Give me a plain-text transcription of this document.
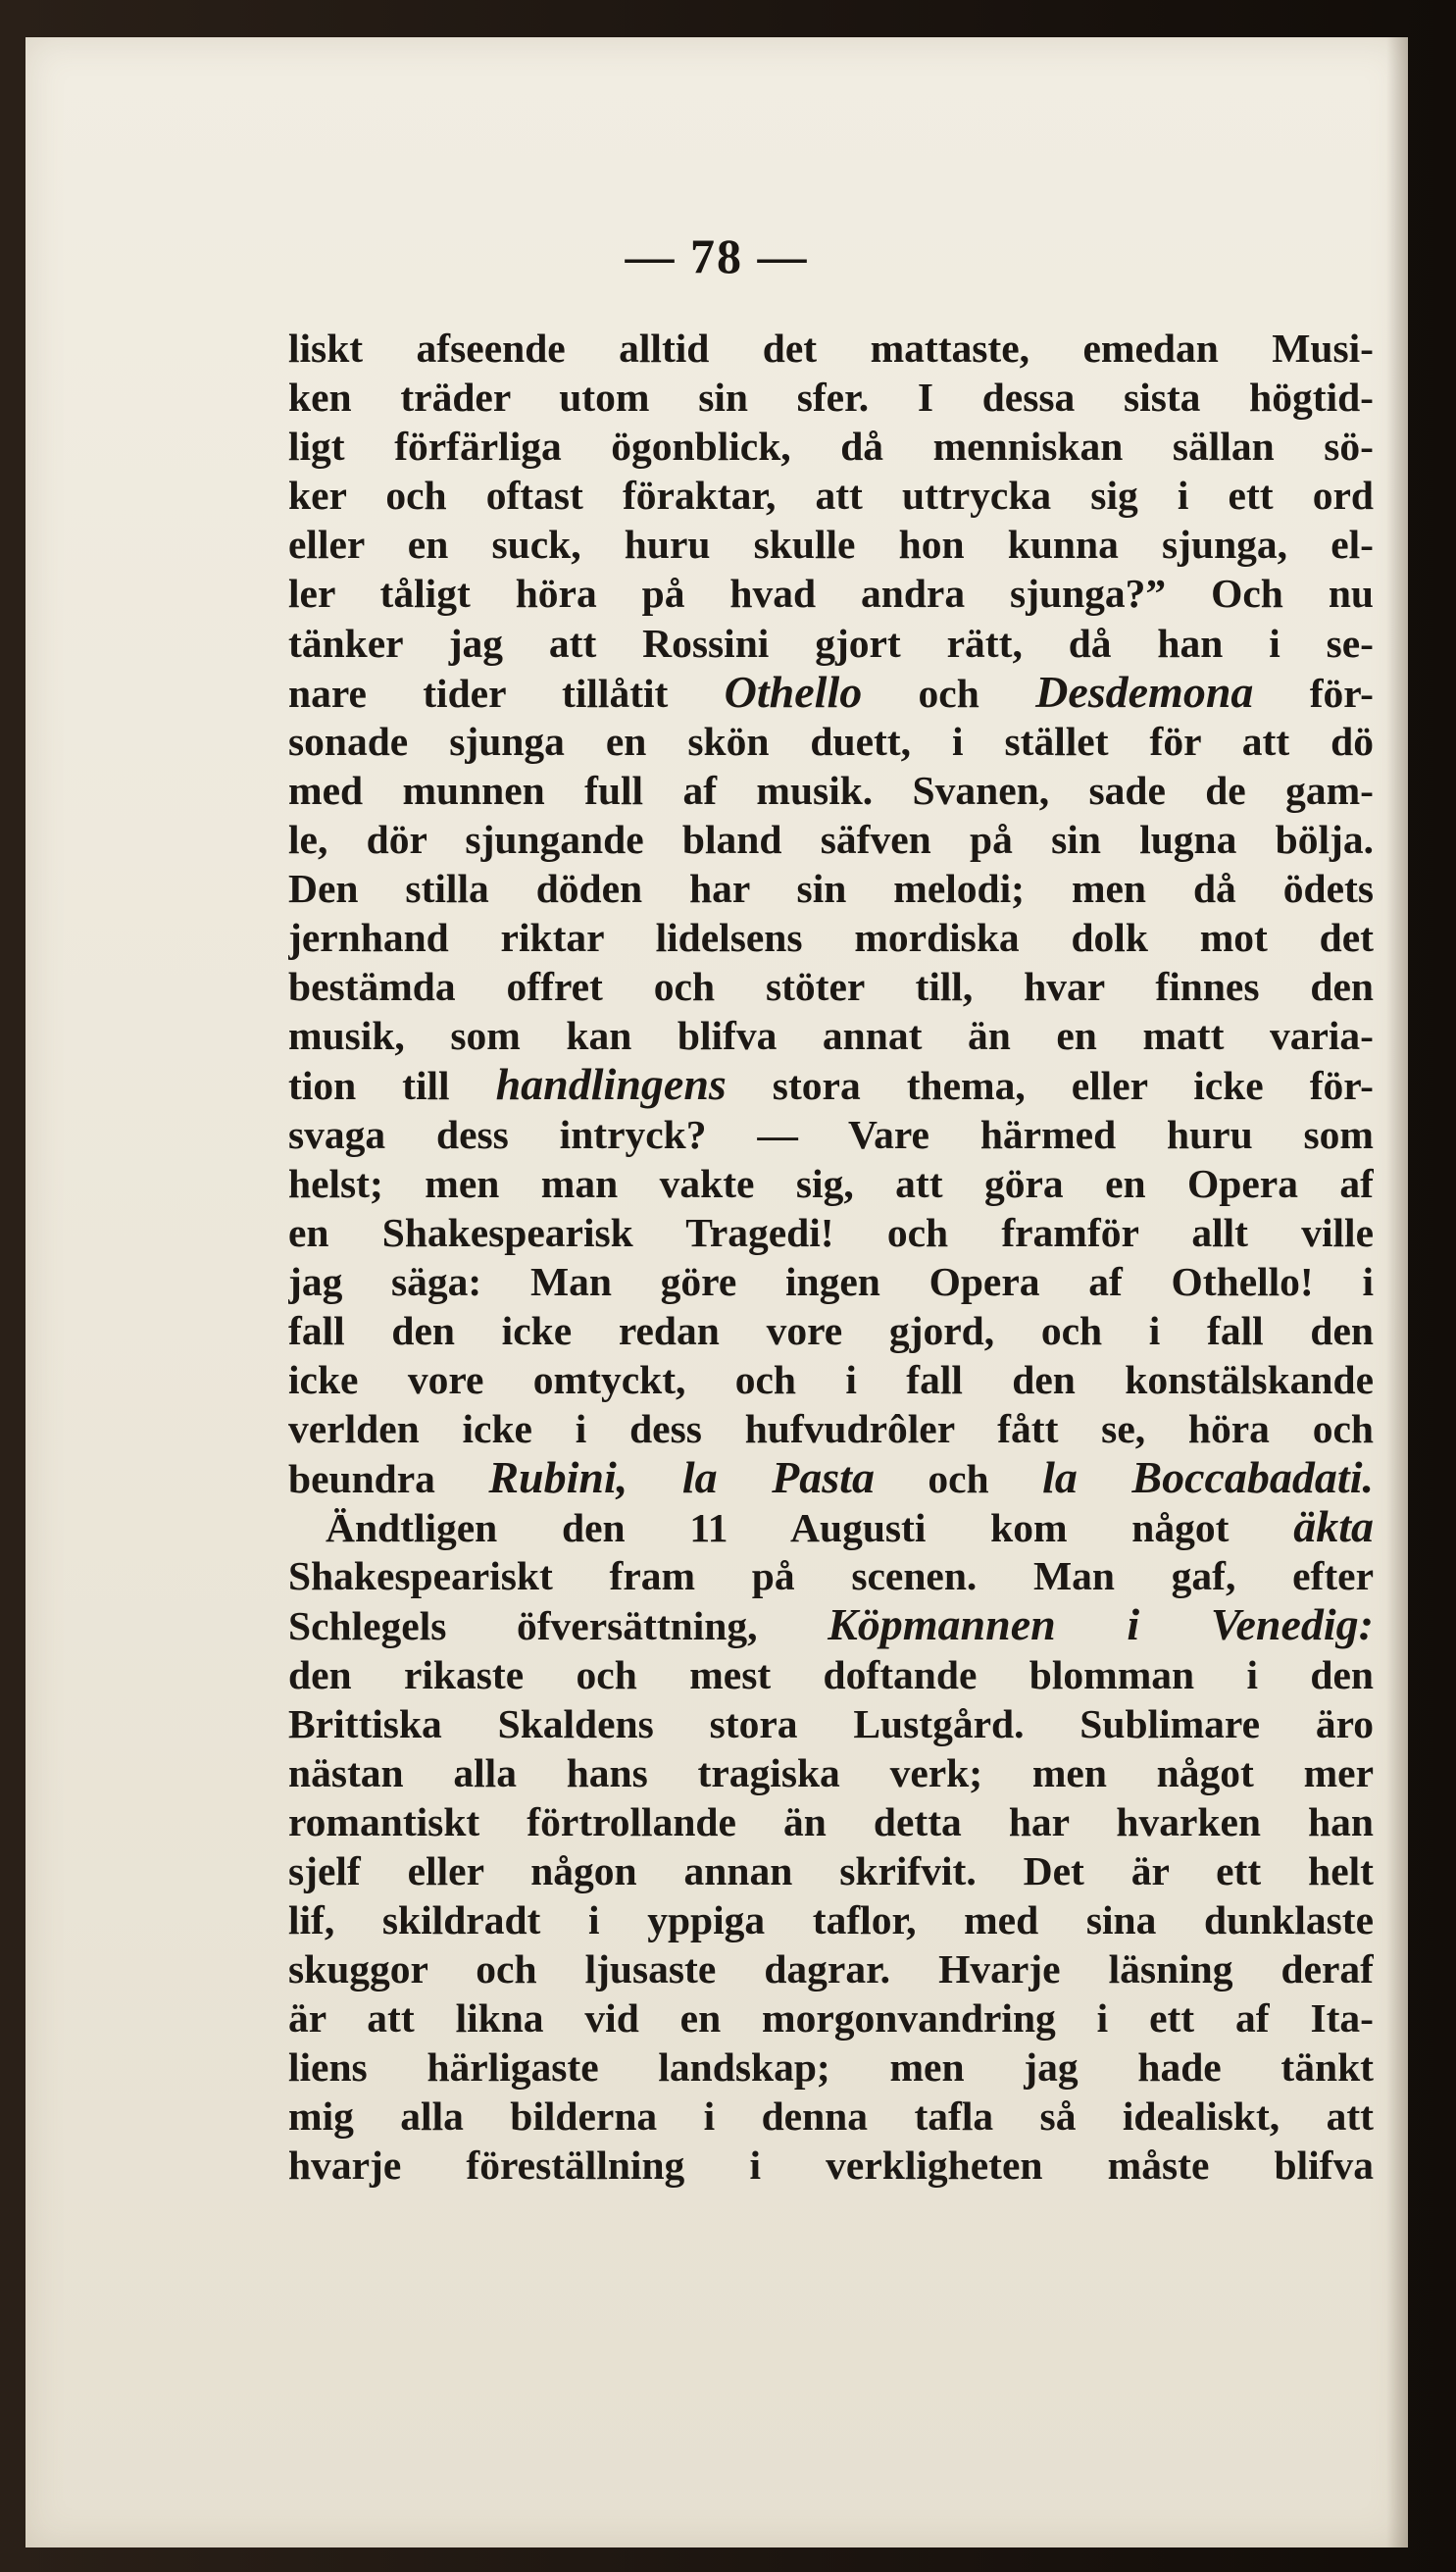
— 78 —
liskt afseende alltid det mattaste, emedan Musi-
ken träder utom sin sfer. I dessa sista högtid-
ligt förfärliga ögonblick, då menniskan sällan sö-
ker och oftast föraktar, att uttrycka sig i ett ord
eller en suck, huru skulle hon kunna sjunga, el-
ler tåligt höra på hvad andra sjunga?” Och nu
tänker jag att Rossini gjort rätt, då han i se-
nare tider tillåtit Othello och Desdemona för-
sonade sjunga en skön duett, i stället för att dö
med munnen full af musik. Svanen, sade de gam-
le, dör sjungande bland säfven på sin lugna bölja.
Den stilla döden har sin melodi; men då ödets
jernhand riktar lidelsens mordiska dolk mot det
bestämda offret och stöter till, hvar finnes den
musik, som kan blifva annat än en matt varia-
tion till handlingens stora thema, eller icke för-
svaga dess intryck? — Vare härmed huru som
helst; men man vakte sig, att göra en Opera af
en Shakespearisk Tragedi! och framför allt ville
jag säga: Man göre ingen Opera af Othello! i
fall den icke redan vore gjord, och i fall den
icke vore omtyckt, och i fall den konstälskande
verlden icke i dess hufvudrôler fått se, höra och
beundra Rubini, la Pasta och la Boccabadati.
Ändtligen den 11 Augusti kom något äkta
Shakespeariskt fram på scenen. Man gaf, efter
Schlegels öfversättning, Köpmannen i Venedig:
den rikaste och mest doftande blomman i den
Brittiska Skaldens stora Lustgård. Sublimare äro
nästan alla hans tragiska verk; men något mer
romantiskt förtrollande än detta har hvarken han
sjelf eller någon annan skrifvit. Det är ett helt
lif, skildradt i yppiga taflor, med sina dunklaste
skuggor och ljusaste dagrar. Hvarje läsning deraf
är att likna vid en morgonvandring i ett af Ita-
liens härligaste landskap; men jag hade tänkt
mig alla bilderna i denna tafla så idealiskt, att
hvarje föreställning i verkligheten måste blifva
